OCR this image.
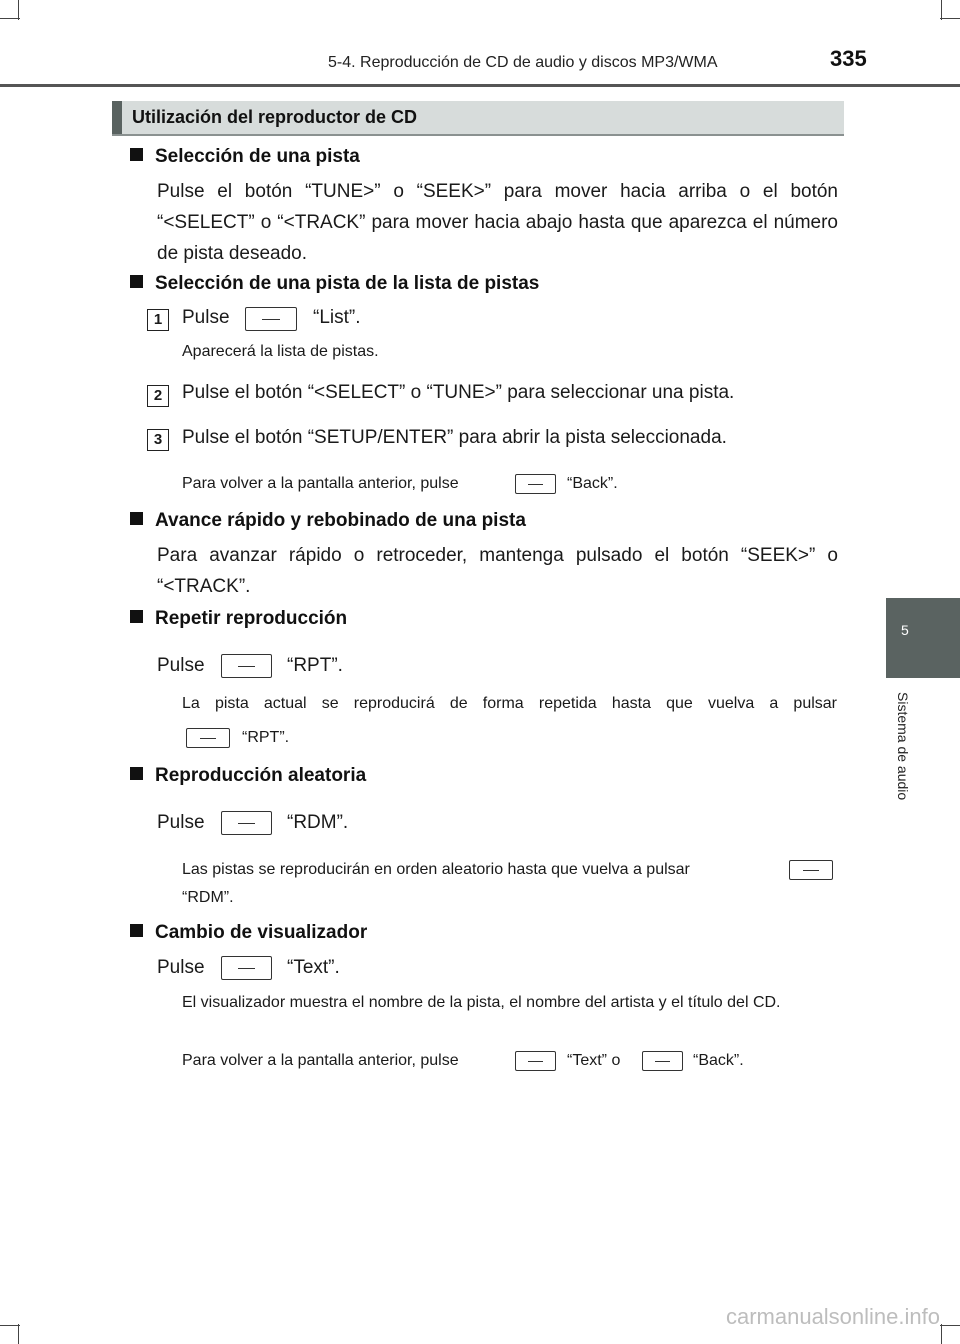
5-4. Reproducción de CD de audio y discos MP3/WMA	335
5
Sistema de audio
Utilización del reproductor de CD
Selección de una pista
Pulse el botón “TUNE>” o “SEEK>” para mover hacia arriba o el botón “<SELECT” o “<TRACK” para mover hacia abajo hasta que aparezca el número de pista deseado.
Selección de una pista de la lista de pistas
1	Pulse	“List”.
Aparecerá la lista de pistas.
2	Pulse el botón “<SELECT” o “TUNE>” para seleccionar una pista.
3	Pulse el botón “SETUP/ENTER” para abrir la pista seleccionada.
Para volver a la pantalla anterior, pulse	“Back”.
Avance rápido y rebobinado de una pista
Para avanzar rápido o retroceder, mantenga pulsado el botón “SEEK>” o “<TRACK”.
Repetir reproducción
Pulse	“RPT”.
La pista actual se reproducirá de forma repetida hasta que vuelva a pulsar
“RPT”.
Reproducción aleatoria
Pulse	“RDM”.
Las pistas se reproducirán en orden aleatorio hasta que vuelva a pulsar
“RDM”.
Cambio de visualizador
Pulse	“Text”.
El visualizador muestra el nombre de la pista, el nombre del artista y el título del CD.
Para volver a la pantalla anterior, pulse	“Text” o	“Back”.
carmanualsonline.info
